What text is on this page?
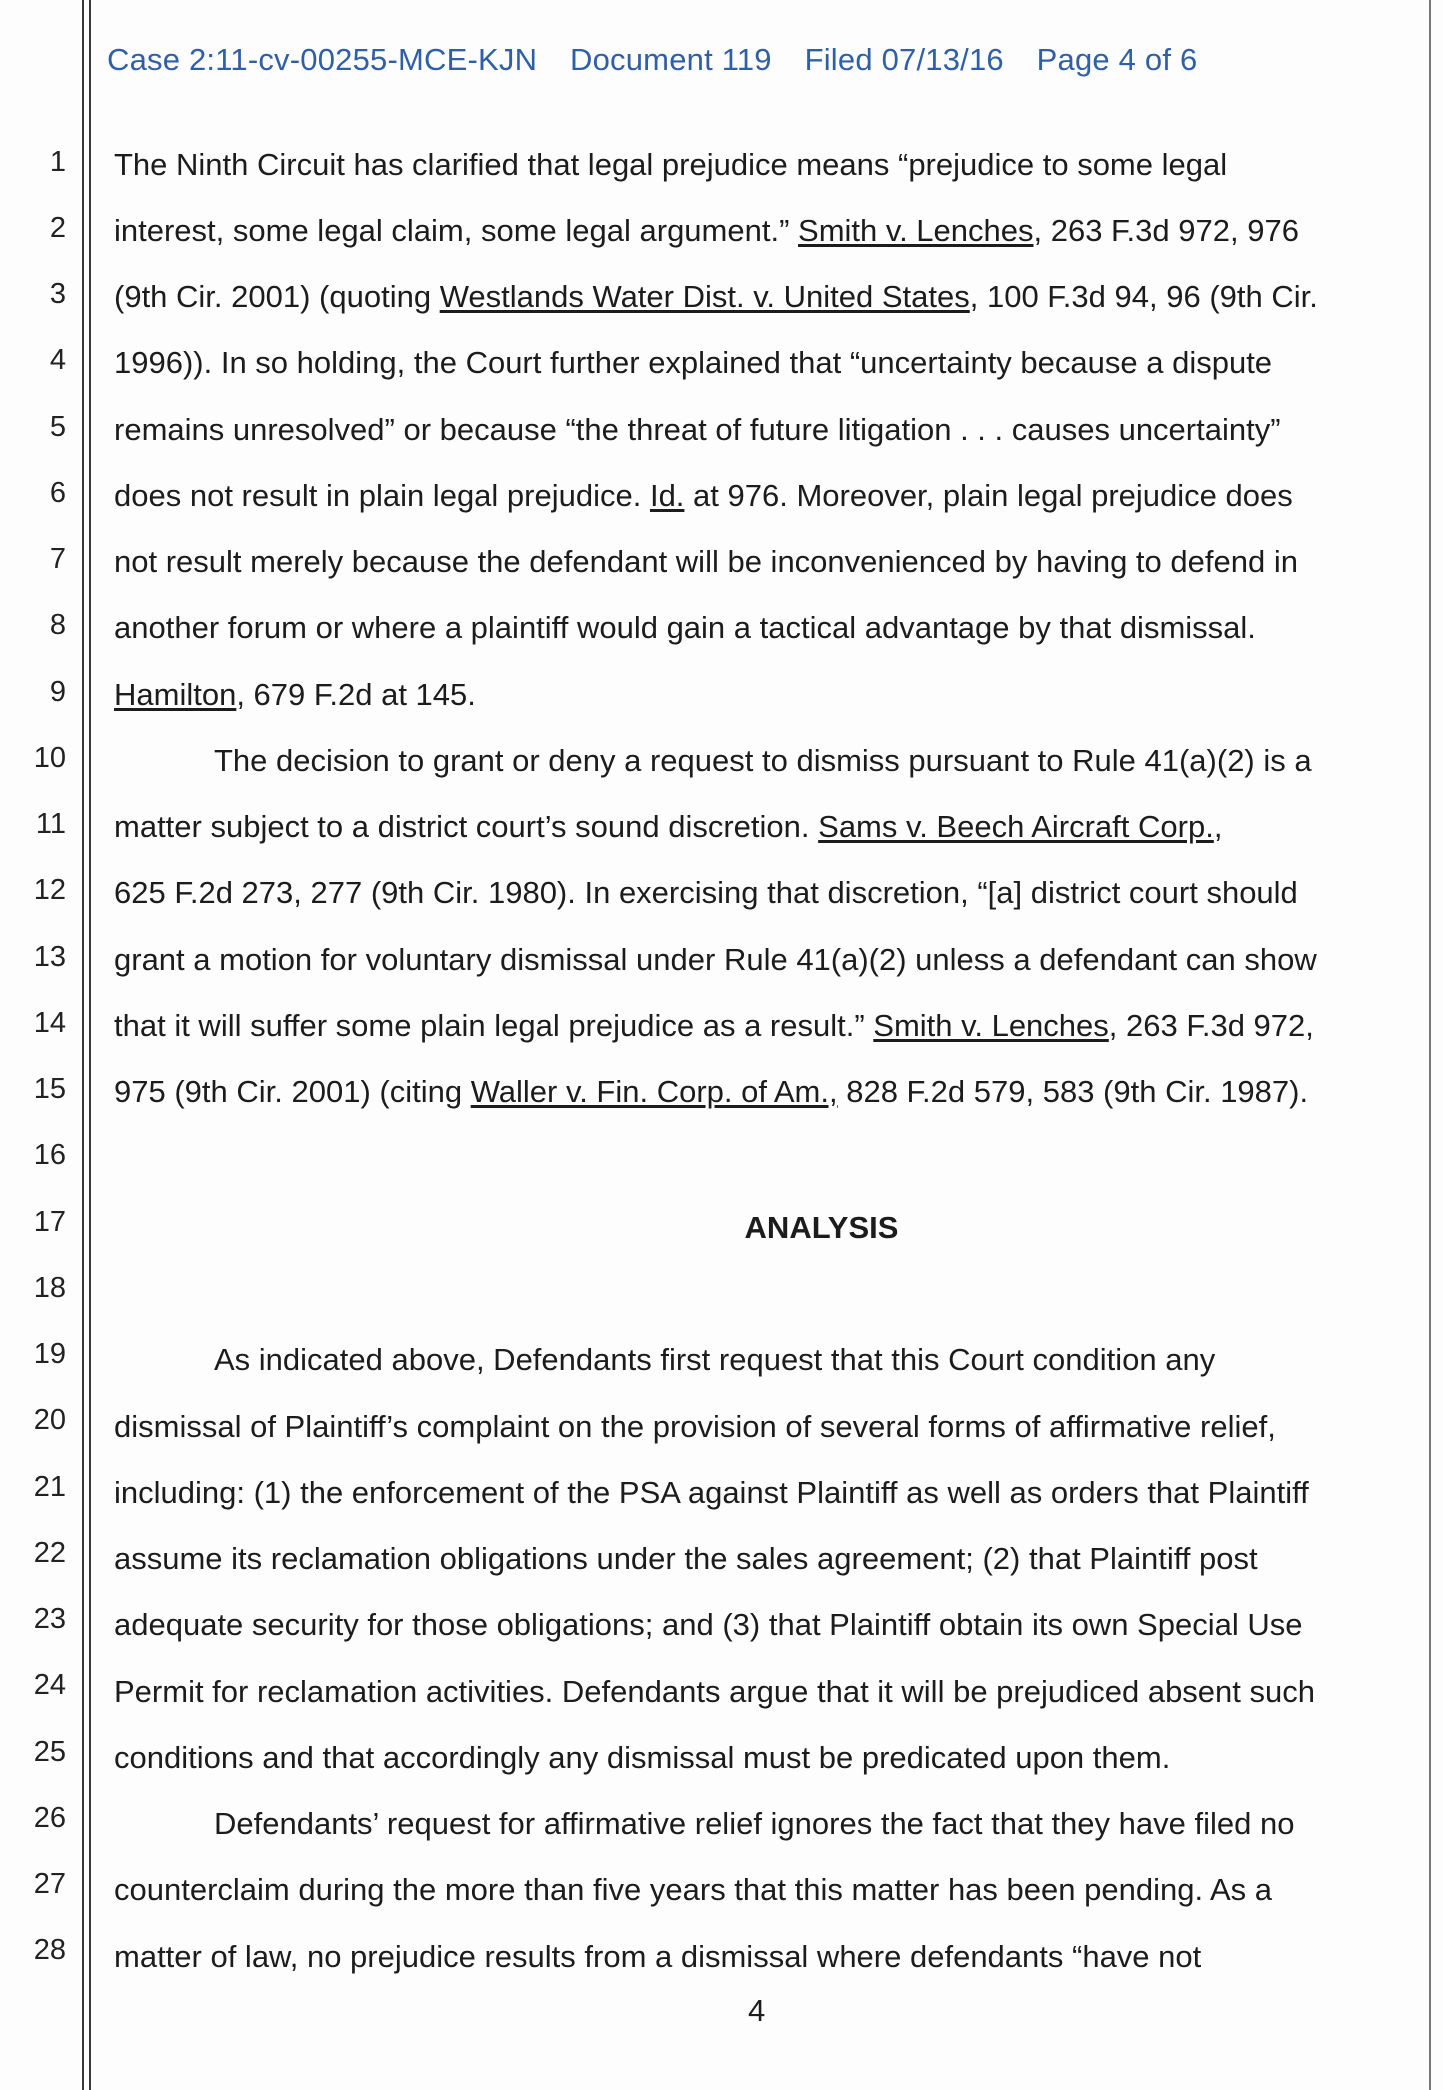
Case 2:11-cv-00255-MCE-KJN Document 119 Filed 07/13/16 Page 4 of 6
1
2
3
4
5
6
7
8
9
10
11
12
13
14
15
16
17
18
19
20
21
22
23
24
25
26
27
28
The Ninth Circuit has clarified that legal prejudice means “prejudice to some legal
interest, some legal claim, some legal argument.” Smith v. Lenches, 263 F.3d 972, 976
(9th Cir. 2001) (quoting Westlands Water Dist. v. United States, 100 F.3d 94, 96 (9th Cir.
1996)). In so holding, the Court further explained that “uncertainty because a dispute
remains unresolved” or because “the threat of future litigation . . . causes uncertainty”
does not result in plain legal prejudice. Id. at 976. Moreover, plain legal prejudice does
not result merely because the defendant will be inconvenienced by having to defend in
another forum or where a plaintiff would gain a tactical advantage by that dismissal.
Hamilton, 679 F.2d at 145.
The decision to grant or deny a request to dismiss pursuant to Rule 41(a)(2) is a
matter subject to a district court’s sound discretion. Sams v. Beech Aircraft Corp.,
625 F.2d 273, 277 (9th Cir. 1980). In exercising that discretion, “[a] district court should
grant a motion for voluntary dismissal under Rule 41(a)(2) unless a defendant can show
that it will suffer some plain legal prejudice as a result.” Smith v. Lenches, 263 F.3d 972,
975 (9th Cir. 2001) (citing Waller v. Fin. Corp. of Am., 828 F.2d 579, 583 (9th Cir. 1987).
ANALYSIS
As indicated above, Defendants first request that this Court condition any
dismissal of Plaintiff’s complaint on the provision of several forms of affirmative relief,
including: (1) the enforcement of the PSA against Plaintiff as well as orders that Plaintiff
assume its reclamation obligations under the sales agreement; (2) that Plaintiff post
adequate security for those obligations; and (3) that Plaintiff obtain its own Special Use
Permit for reclamation activities. Defendants argue that it will be prejudiced absent such
conditions and that accordingly any dismissal must be predicated upon them.
Defendants’ request for affirmative relief ignores the fact that they have filed no
counterclaim during the more than five years that this matter has been pending. As a
matter of law, no prejudice results from a dismissal where defendants “have not
4
